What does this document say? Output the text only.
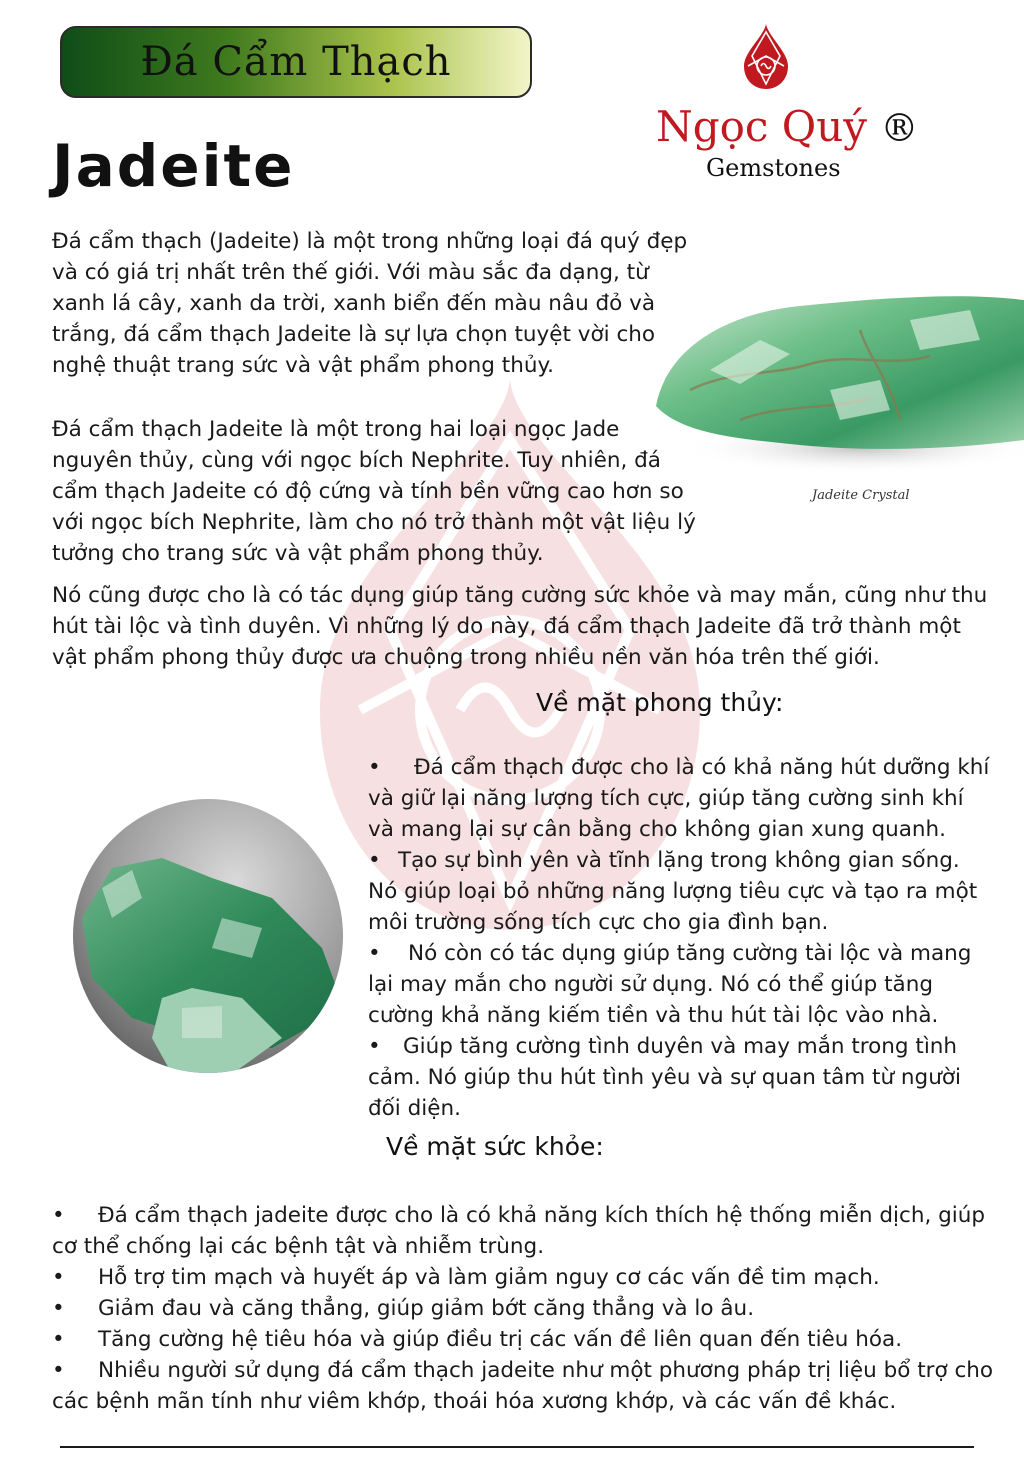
Đá Cẩm Thạch
Jadeite
Ngọc Quý ®
Gemstones
Đá cẩm thạch (Jadeite) là một trong những loại đá quý đẹp và có giá trị nhất trên thế giới. Với màu sắc đa dạng, từ xanh lá cây, xanh da trời, xanh biển đến màu nâu đỏ và trắng, đá cẩm thạch Jadeite là sự lựa chọn tuyệt vời cho nghệ thuật trang sức và vật phẩm phong thủy.
Đá cẩm thạch Jadeite là một trong hai loại ngọc Jade nguyên thủy, cùng với ngọc bích Nephrite. Tuy nhiên, đá cẩm thạch Jadeite có độ cứng và tính bền vững cao hơn so với ngọc bích Nephrite, làm cho nó trở thành một vật liệu lý tưởng cho trang sức và vật phẩm phong thủy.
Jadeite Crystal
Nó cũng được cho là có tác dụng giúp tăng cường sức khỏe và may mắn, cũng như thu hút tài lộc và tình duyên. Vì những lý do này, đá cẩm thạch Jadeite đã trở thành một vật phẩm phong thủy được ưa chuộng trong nhiều nền văn hóa trên thế giới.
Về mặt phong thủy:

• Đá cẩm thạch được cho là có khả năng hút dưỡng khí và giữ lại năng lượng tích cực, giúp tăng cường sinh khí và mang lại sự cân bằng cho không gian xung quanh.

• Tạo sự bình yên và tĩnh lặng trong không gian sống. Nó giúp loại bỏ những năng lượng tiêu cực và tạo ra một môi trường sống tích cực cho gia đình bạn.

• Nó còn có tác dụng giúp tăng cường tài lộc và mang lại may mắn cho người sử dụng. Nó có thể giúp tăng cường khả năng kiếm tiền và thu hút tài lộc vào nhà.

• Giúp tăng cường tình duyên và may mắn trong tình cảm. Nó giúp thu hút tình yêu và sự quan tâm từ người đối diện.

Về mặt sức khỏe:

• Đá cẩm thạch jadeite được cho là có khả năng kích thích hệ thống miễn dịch, giúp cơ thể chống lại các bệnh tật và nhiễm trùng.

• Hỗ trợ tim mạch và huyết áp và làm giảm nguy cơ các vấn đề tim mạch.

• Giảm đau và căng thẳng, giúp giảm bớt căng thẳng và lo âu.

• Tăng cường hệ tiêu hóa và giúp điều trị các vấn đề liên quan đến tiêu hóa.

• Nhiều người sử dụng đá cẩm thạch jadeite như một phương pháp trị liệu bổ trợ cho các bệnh mãn tính như viêm khớp, thoái hóa xương khớp, và các vấn đề khác.
